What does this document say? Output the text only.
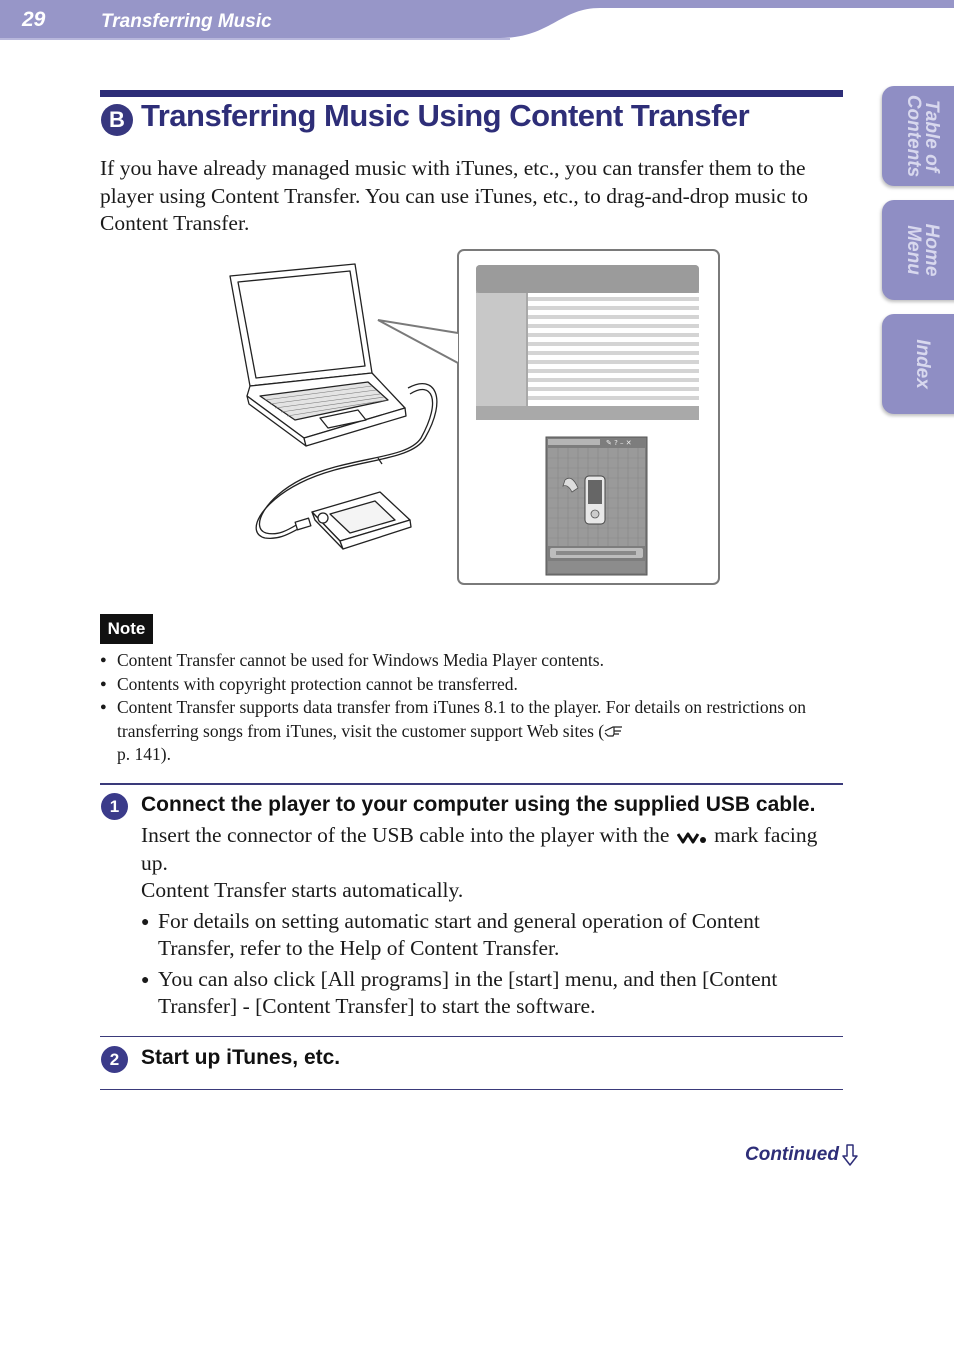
29	Transferring Music
Table of
Contents
Home
Menu
Index
B Transferring Music Using Content Transfer

If you have already managed music with iTunes, etc., you can transfer them to the player using Content Transfer. You can use iTunes, etc., to drag-and-drop music to Content Transfer.

✎ ? – ✕
Note
● Content Transfer cannot be used for Windows Media Player contents.
● Contents with copyright protection cannot be transferred.
● Content Transfer supports data transfer from iTunes 8.1 to the player. For details on restrictions on transferring songs from iTunes, visit the customer support Web sites (
p. 141).
1	Connect the player to your computer using the supplied USB cable.

Insert the connector of the USB cable into the player with the mark facing up.

Content Transfer starts automatically.

● For details on setting automatic start and general operation of Content Transfer, refer to the Help of Content Transfer.
● You can also click [All programs] in the [start] menu, and then [Content Transfer] - [Content Transfer] to start the software.
2	Start up iTunes, etc.
Continued
